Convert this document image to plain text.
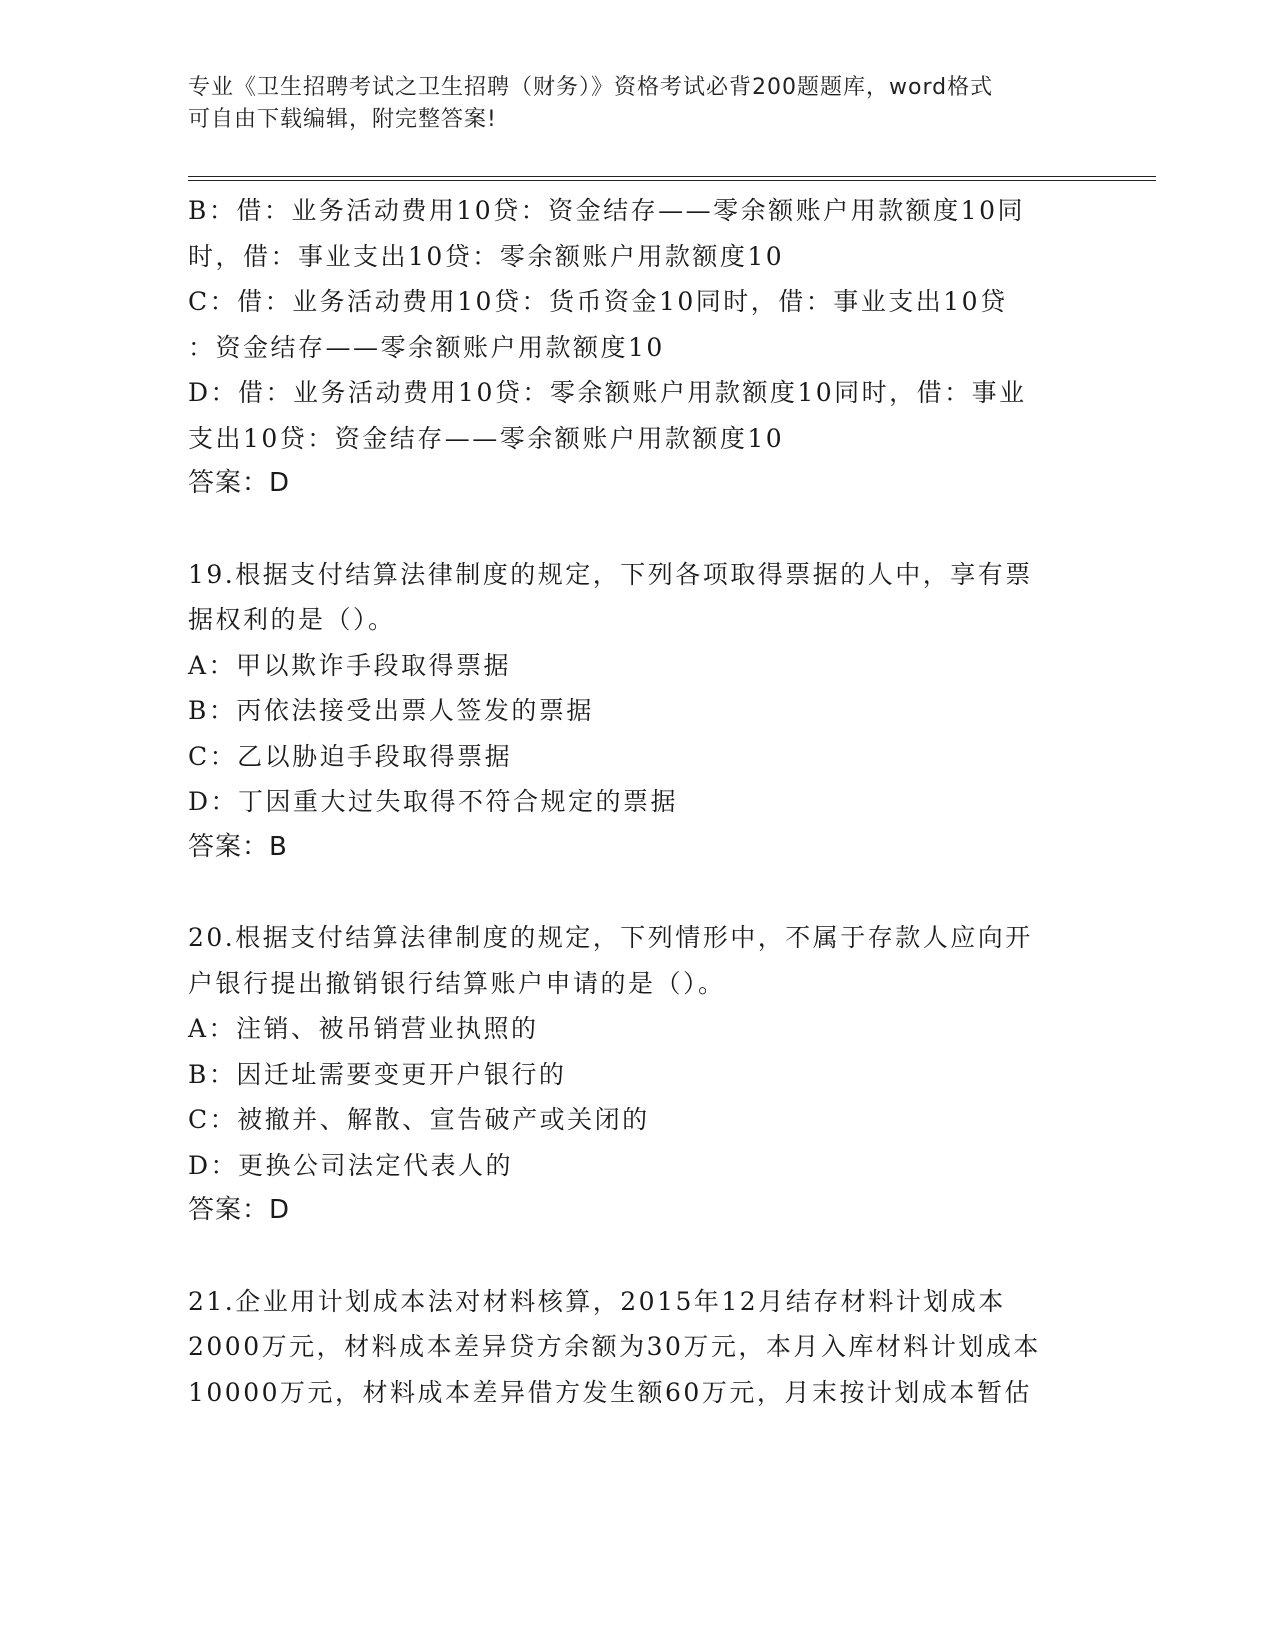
专业《卫生招聘考试之卫生招聘（财务）》资格考试必背200题题库，word格式
可自由下载编辑，附完整答案!
B：借：业务活动费用10贷：资金结存——零余额账户用款额度10同
时，借：事业支出10贷：零余额账户用款额度10
C：借：业务活动费用10贷：货币资金10同时，借：事业支出10贷
：资金结存——零余额账户用款额度10
D：借：业务活动费用10贷：零余额账户用款额度10同时，借：事业
支出10贷：资金结存——零余额账户用款额度10
答案：D
19.根据支付结算法律制度的规定，下列各项取得票据的人中，享有票
据权利的是（）。
A：甲以欺诈手段取得票据
B：丙依法接受出票人签发的票据
C：乙以胁迫手段取得票据
D：丁因重大过失取得不符合规定的票据
答案：B
20.根据支付结算法律制度的规定，下列情形中，不属于存款人应向开
户银行提出撤销银行结算账户申请的是（）。
A：注销、被吊销营业执照的
B：因迁址需要变更开户银行的
C：被撤并、解散、宣告破产或关闭的
D：更换公司法定代表人的
答案：D
21.企业用计划成本法对材料核算，2015年12月结存材料计划成本
2000万元，材料成本差异贷方余额为30万元，本月入库材料计划成本
10000万元，材料成本差异借方发生额60万元，月末按计划成本暂估
